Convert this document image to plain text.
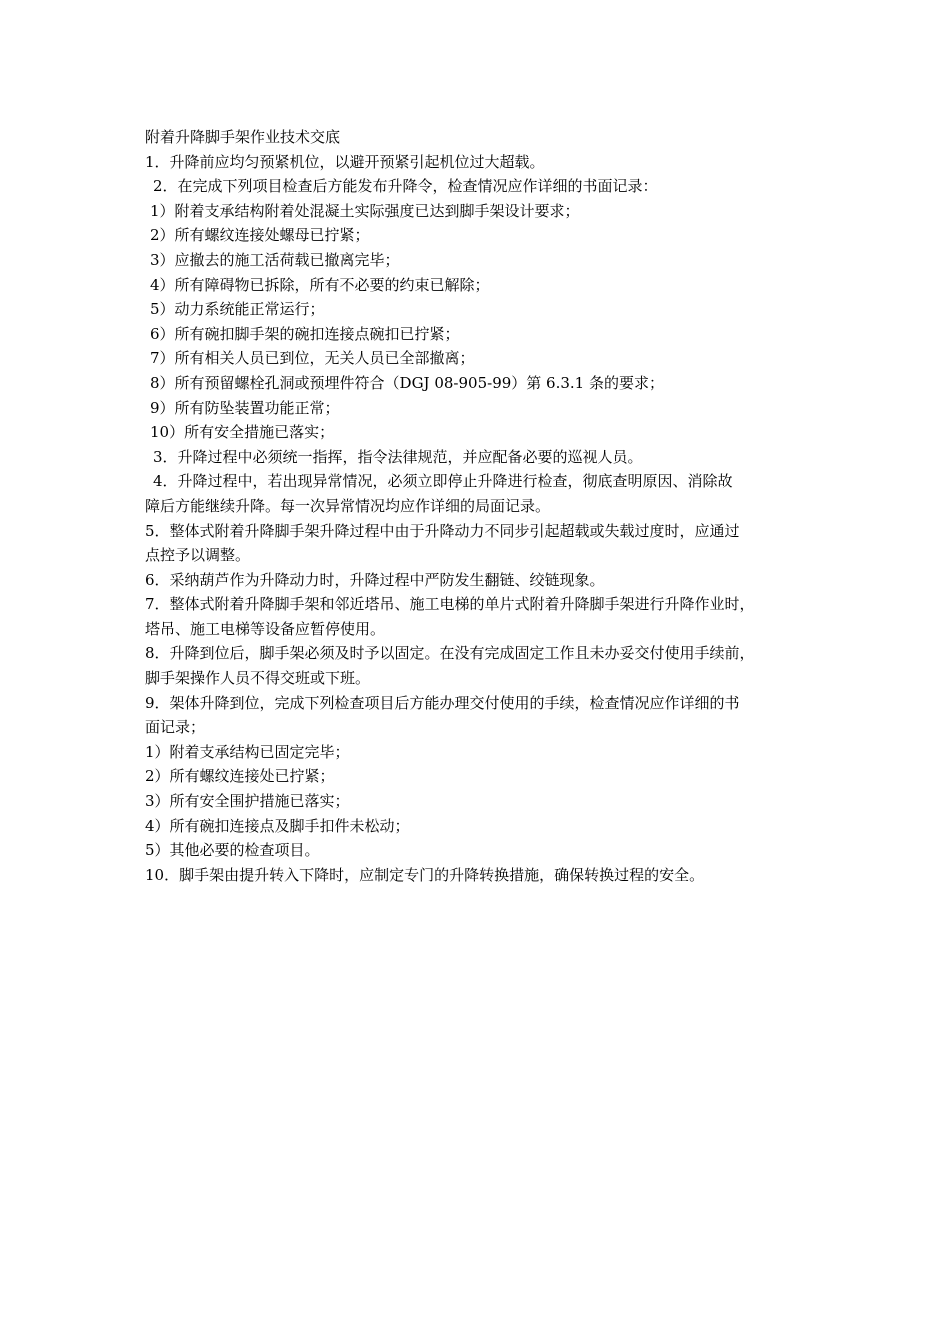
附着升降脚手架作业技术交底

1．升降前应均匀预紧机位，以避开预紧引起机位过大超载。

2．在完成下列项目检查后方能发布升降令，检查情况应作详细的书面记录：

1）附着支承结构附着处混凝土实际强度已达到脚手架设计要求；

2）所有螺纹连接处螺母已拧紧；

3）应撤去的施工活荷载已撤离完毕；

4）所有障碍物已拆除，所有不必要的约束已解除；

5）动力系统能正常运行；

6）所有碗扣脚手架的碗扣连接点碗扣已拧紧；

7）所有相关人员已到位，无关人员已全部撤离；

8）所有预留螺栓孔洞或预埋件符合（DGJ 08-905-99）第 6.3.1 条的要求；

9）所有防坠装置功能正常；

10）所有安全措施已落实；

3．升降过程中必须统一指挥，指令法律规范，并应配备必要的巡视人员。

4．升降过程中，若出现异常情况，必须立即停止升降进行检查，彻底查明原因、消除故

障后方能继续升降。每一次异常情况均应作详细的局面记录。

5．整体式附着升降脚手架升降过程中由于升降动力不同步引起超载或失载过度时，应通过

点控予以调整。

6．采纳葫芦作为升降动力时，升降过程中严防发生翻链、绞链现象。

7．整体式附着升降脚手架和邻近塔吊、施工电梯的单片式附着升降脚手架进行升降作业时，

塔吊、施工电梯等设备应暂停使用。

8．升降到位后，脚手架必须及时予以固定。在没有完成固定工作且未办妥交付使用手续前，

脚手架操作人员不得交班或下班。

9．架体升降到位，完成下列检查项目后方能办理交付使用的手续，检查情况应作详细的书

面记录；

1）附着支承结构已固定完毕；

2）所有螺纹连接处已拧紧；

3）所有安全围护措施已落实；

4）所有碗扣连接点及脚手扣件未松动；

5）其他必要的检查项目。

10．脚手架由提升转入下降时，应制定专门的升降转换措施，确保转换过程的安全。
